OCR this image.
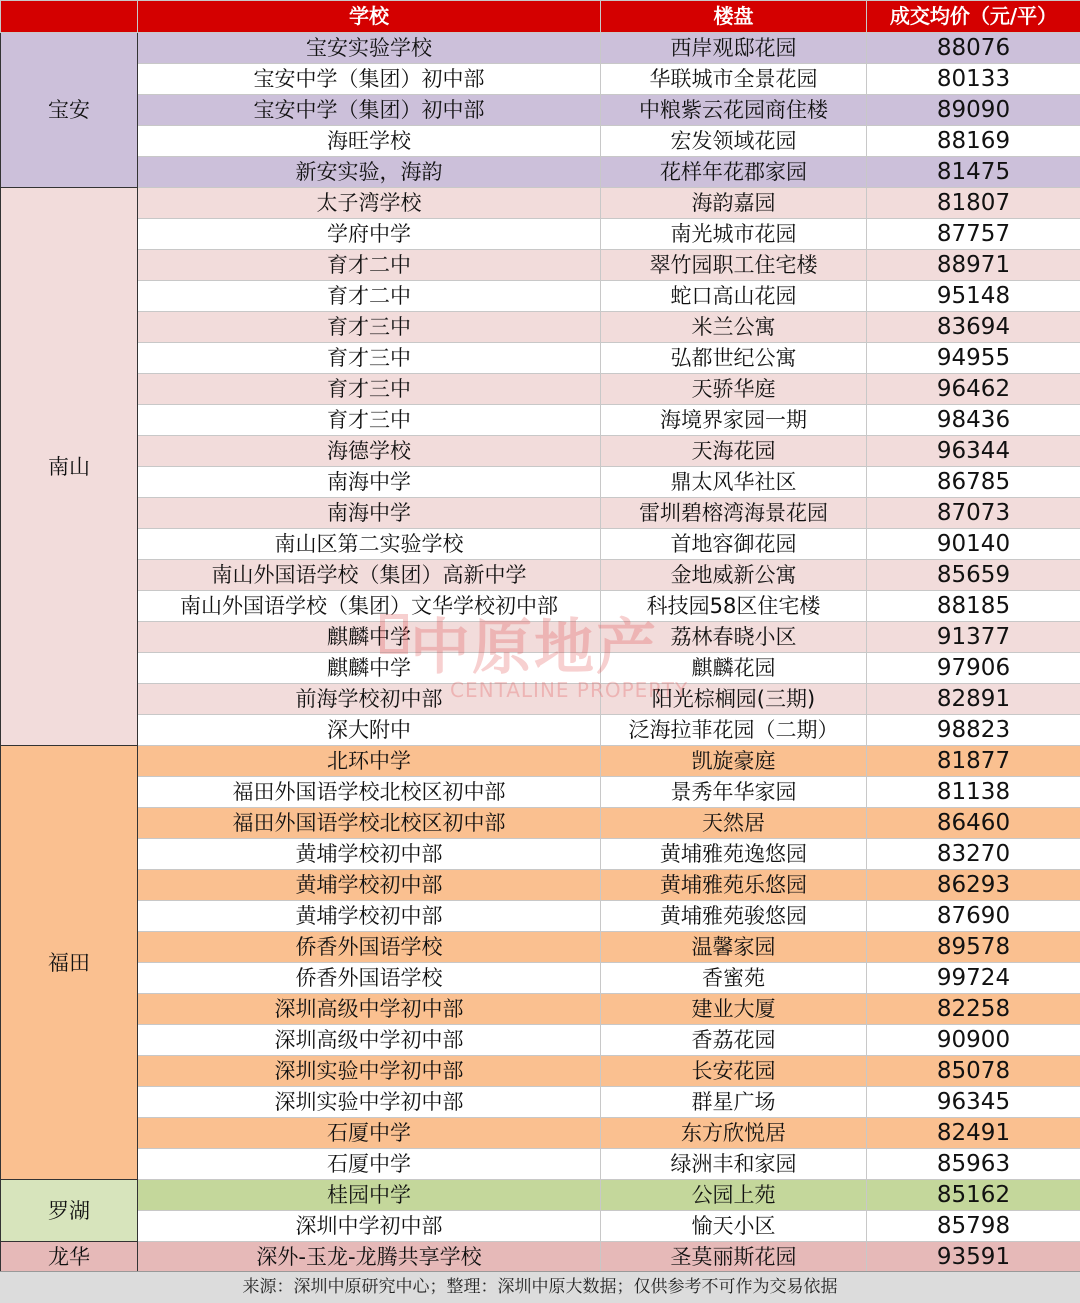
	学校	楼盘	成交均价（元/平）
宝安	宝安实验学校	西岸观邸花园	88076
	宝安中学（集团）初中部	华联城市全景花园	80133
	宝安中学（集团）初中部	中粮紫云花园商住楼	89090
	海旺学校	宏发领域花园	88169
	新安实验，海韵	花样年花郡家园	81475
南山	太子湾学校	海韵嘉园	81807
	学府中学	南光城市花园	87757
	育才二中	翠竹园职工住宅楼	88971
	育才二中	蛇口高山花园	95148
	育才三中	米兰公寓	83694
	育才三中	弘都世纪公寓	94955
	育才三中	天骄华庭	96462
	育才三中	海境界家园一期	98436
	海德学校	天海花园	96344
	南海中学	鼎太风华社区	86785
	南海中学	雷圳碧榕湾海景花园	87073
	南山区第二实验学校	首地容御花园	90140
	南山外国语学校（集团）高新中学	金地威新公寓	85659
	南山外国语学校（集团）文华学校初中部	科技园58区住宅楼	88185
	麒麟中学	荔林春晓小区	91377
	麒麟中学	麒麟花园	97906
	前海学校初中部	阳光棕榈园(三期)	82891
	深大附中	泛海拉菲花园（二期）	98823
福田	北环中学	凯旋豪庭	81877
	福田外国语学校北校区初中部	景秀年华家园	81138
	福田外国语学校北校区初中部	天然居	86460
	黄埔学校初中部	黄埔雅苑逸悠园	83270
	黄埔学校初中部	黄埔雅苑乐悠园	86293
	黄埔学校初中部	黄埔雅苑骏悠园	87690
	侨香外国语学校	温馨家园	89578
	侨香外国语学校	香蜜苑	99724
	深圳高级中学初中部	建业大厦	82258
	深圳高级中学初中部	香荔花园	90900
	深圳实验中学初中部	长安花园	85078
	深圳实验中学初中部	群星广场	96345
	石厦中学	东方欣悦居	82491
	石厦中学	绿洲丰和家园	85963
罗湖	桂园中学	公园上苑	85162
	深圳中学初中部	愉天小区	85798
龙华	深外-玉龙-龙腾共享学校	圣莫丽斯花园	93591
中原地产
CENTALINE PROPERTY
来源：深圳中原研究中心；整理：深圳中原大数据；仅供参考不可作为交易依据
